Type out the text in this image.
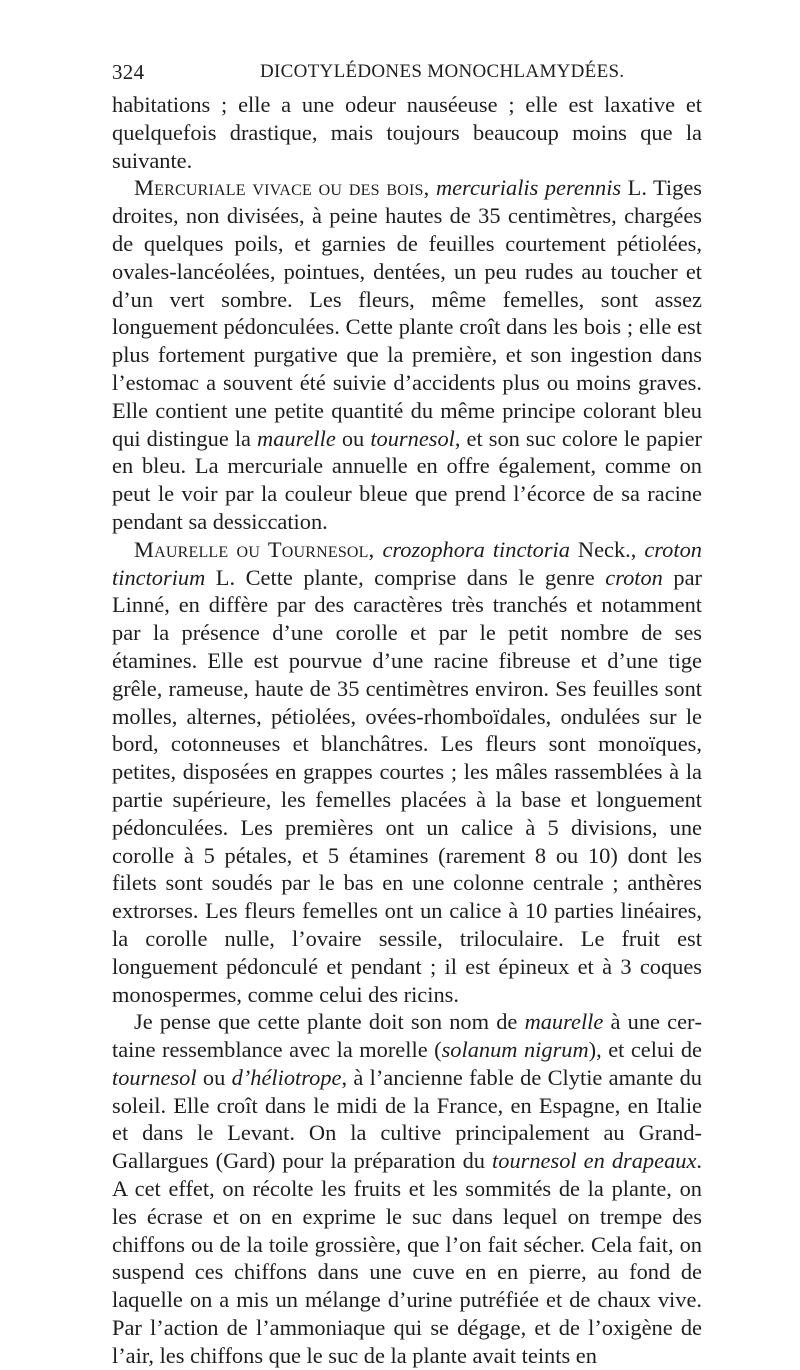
324	DICOTYLÉDONES MONOCHLAMYDÉES.

habitations ; elle a une odeur nauséeuse ; elle est laxative et quelquefois drastique, mais toujours beaucoup moins que la suivante.

Mercuriale vivace ou des bois, mercurialis perennis L. Tiges droites, non divisées, à peine hautes de 35 centimètres, chargées de quelques poils, et garnies de feuilles courtement pétiolées, ovales-lancéolées, pointues, dentées, un peu rudes au toucher et d’un vert sombre. Les fleurs, même femelles, sont assez longuement pédonculées. Cette plante croît dans les bois ; elle est plus fortement purgative que la première, et son ingestion dans l’estomac a souvent été suivie d’accidents plus ou moins graves. Elle contient une petite quantité du même principe colorant bleu qui distingue la maurelle ou tournesol, et son suc colore le papier en bleu. La mercuriale annuelle en offre également, comme on peut le voir par la couleur bleue que prend l’écorce de sa racine pendant sa dessiccation.

Maurelle ou Tournesol, crozophora tinctoria Neck., croton tinctorium L. Cette plante, comprise dans le genre croton par Linné, en diffère par des caractères très tranchés et notamment par la présence d’une corolle et par le petit nombre de ses étamines. Elle est pourvue d’une racine fibreuse et d’une tige grêle, rameuse, haute de 35 centimètres environ. Ses feuilles sont molles, alternes, pétiolées, ovées-rhomboïdales, ondulées sur le bord, cotonneuses et blanchâtres. Les fleurs sont monoïques, petites, disposées en grappes courtes ; les mâles rassemblées à la partie supérieure, les femelles placées à la base et longuement pédonculées. Les premières ont un calice à 5 divisions, une corolle à 5 pétales, et 5 étamines (rarement 8 ou 10) dont les filets sont soudés par le bas en une colonne centrale ; anthères extrorses. Les fleurs femelles ont un calice à 10 parties linéaires, la corolle nulle, l’ovaire sessile, triloculaire. Le fruit est longuement pédonculé et pendant ; il est épineux et à 3 coques monospermes, comme celui des ricins.

Je pense que cette plante doit son nom de maurelle à une certaine ressemblance avec la morelle (solanum nigrum), et celui de tournesol ou d’héliotrope, à l’ancienne fable de Clytie amante du soleil. Elle croît dans le midi de la France, en Espagne, en Italie et dans le Levant. On la cultive principalement au Grand-Gallargues (Gard) pour la préparation du tournesol en drapeaux. A cet effet, on récolte les fruits et les sommités de la plante, on les écrase et on en exprime le suc dans lequel on trempe des chiffons ou de la toile grossière, que l’on fait sécher. Cela fait, on suspend ces chiffons dans une cuve en en pierre, au fond de laquelle on a mis un mélange d’urine putréfiée et de chaux vive. Par l’action de l’ammoniaque qui se dégage, et de l’oxigène de l’air, les chiffons que le suc de la plante avait teints en
